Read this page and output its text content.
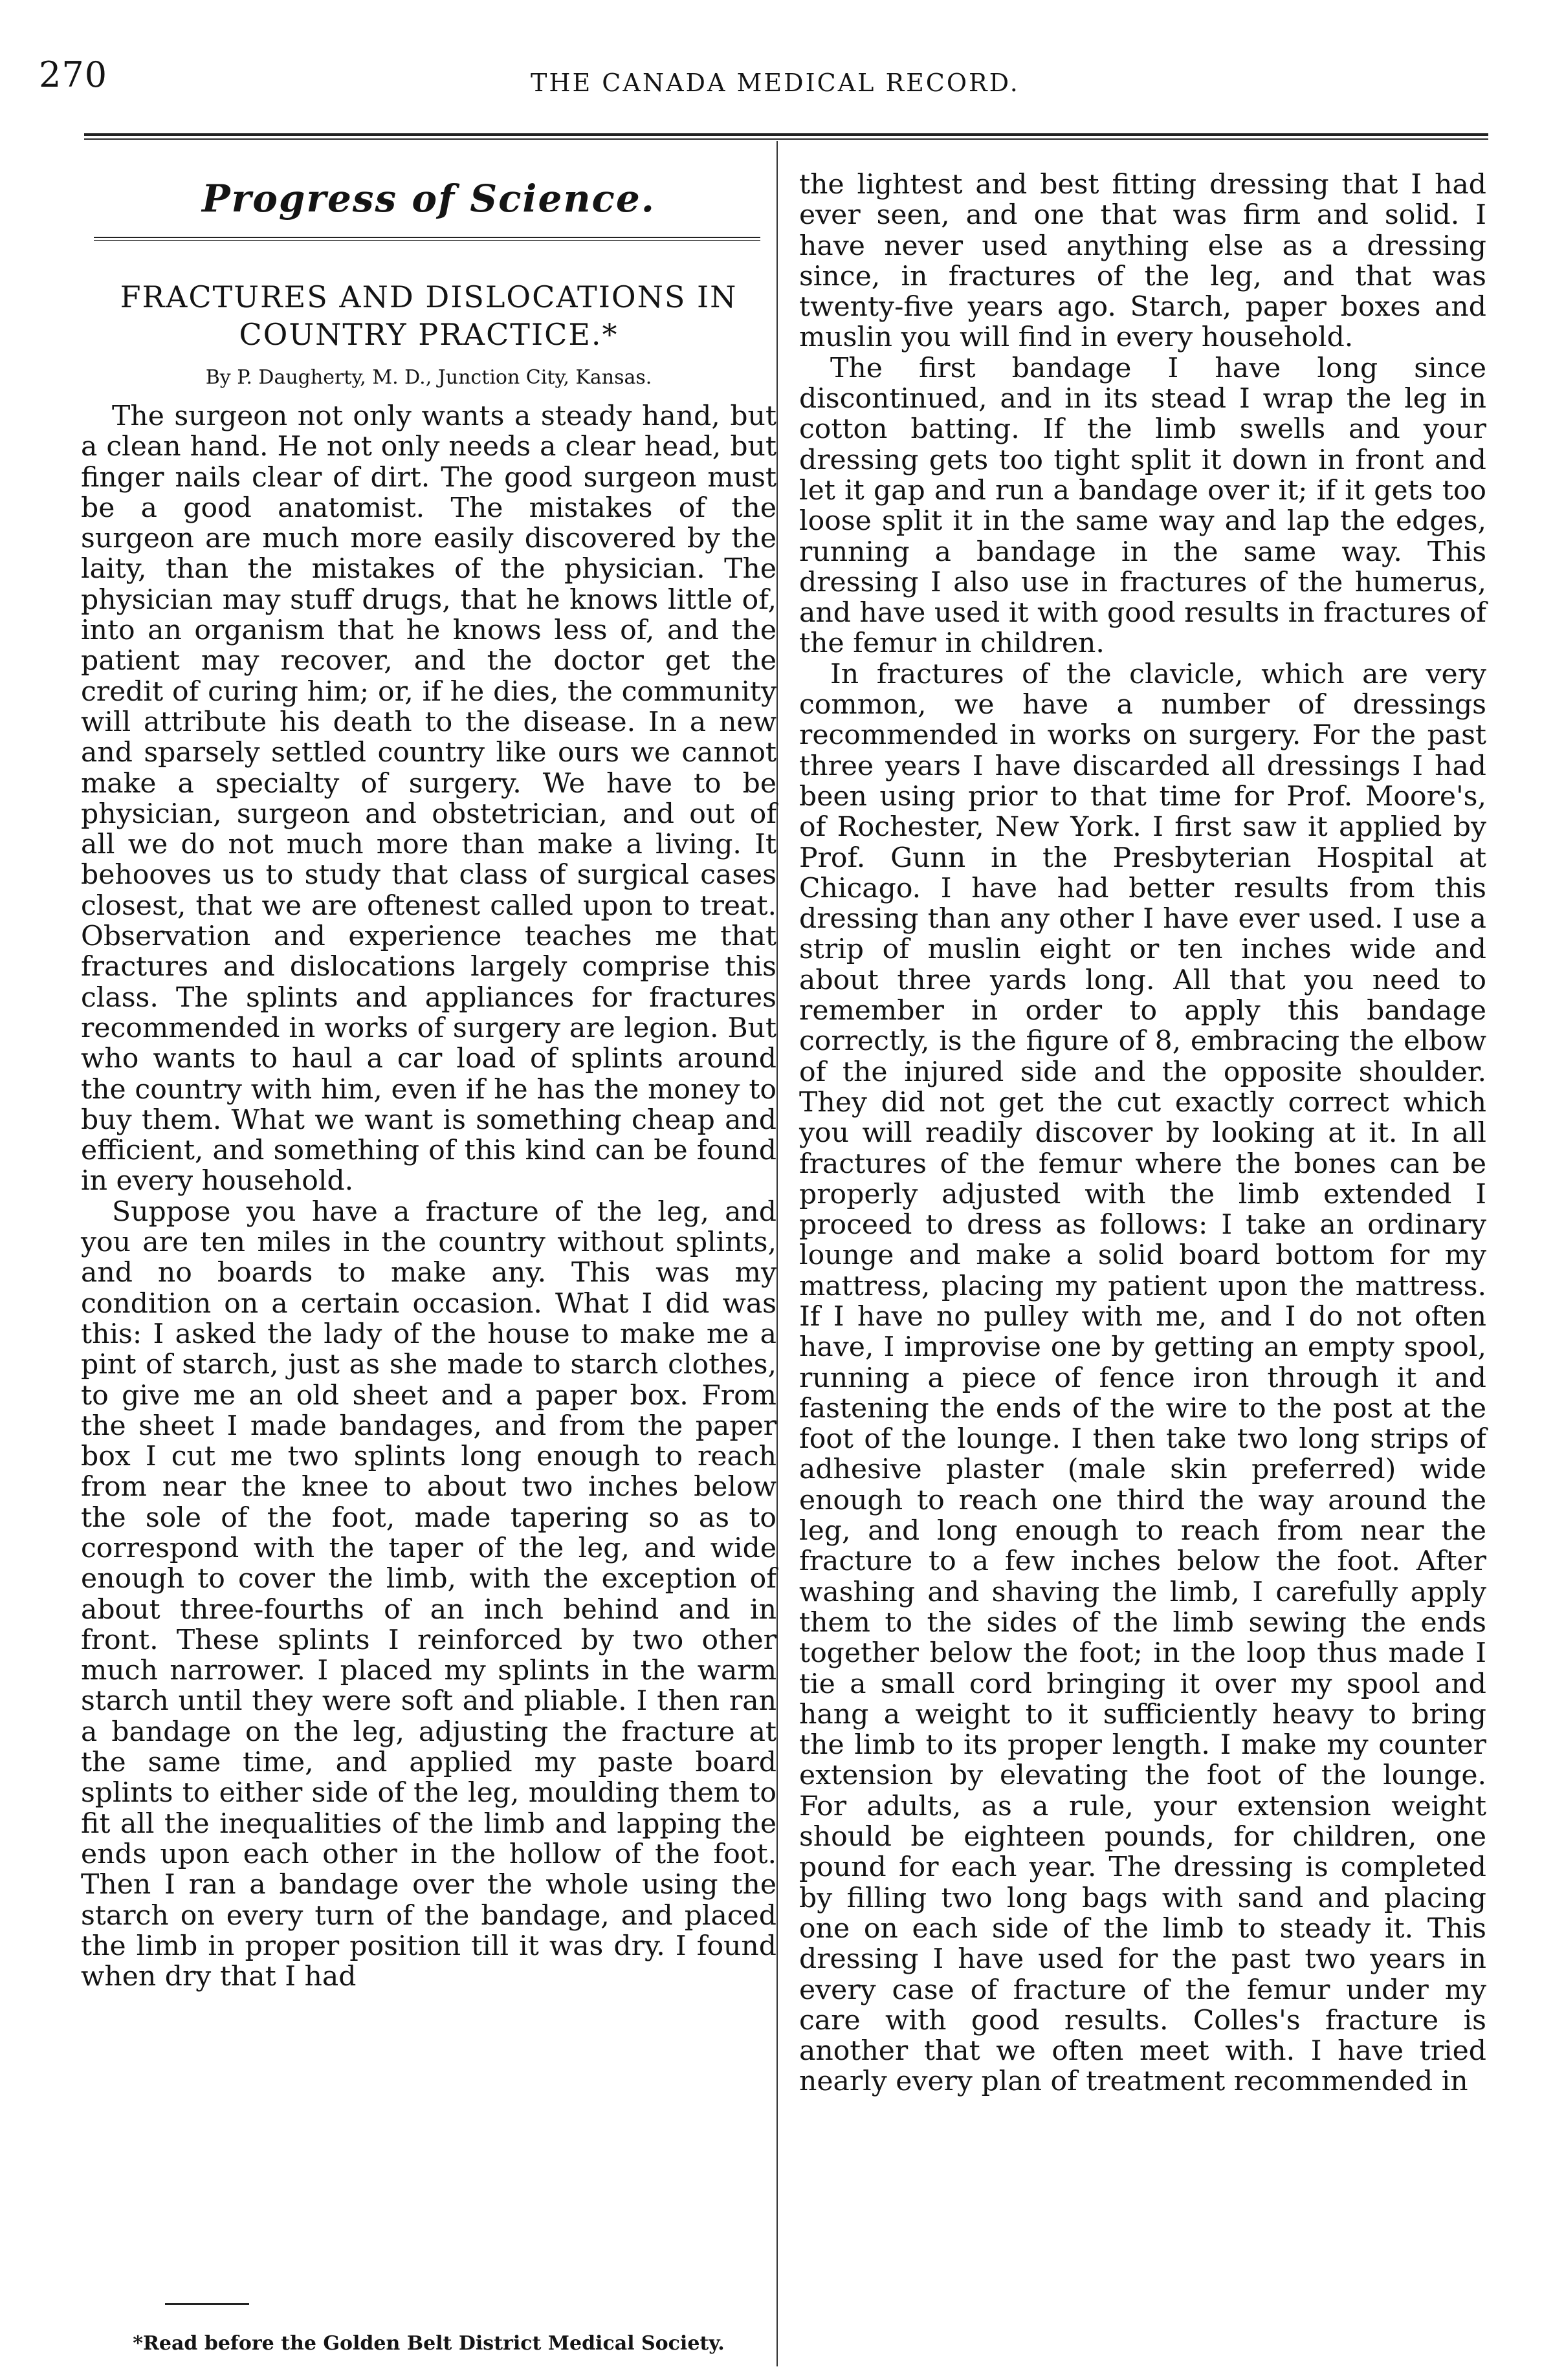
270	THE CANADA MEDICAL RECORD.
Progress of Science.
FRACTURES AND DISLOCATIONS IN
COUNTRY PRACTICE.*
By P. Daugherty, M. D., Junction City, Kansas.

The surgeon not only wants a steady hand, but a clean hand. He not only needs a clear head, but finger nails clear of dirt. The good surgeon must be a good anatomist. The mistakes of the surgeon are much more easily discovered by the laity, than the mistakes of the physician. The physician may stuff drugs, that he knows little of, into an organism that he knows less of, and the patient may recover, and the doctor get the credit of curing him; or, if he dies, the community will attribute his death to the disease. In a new and sparsely settled country like ours we cannot make a specialty of surgery. We have to be physician, surgeon and obstetrician, and out of all we do not much more than make a living. It behooves us to study that class of surgical cases closest, that we are oftenest called upon to treat. Observation and experience teaches me that fractures and dislocations largely comprise this class. The splints and appliances for fractures recommended in works of surgery are legion. But who wants to haul a car load of splints around the country with him, even if he has the money to buy them. What we want is something cheap and efficient, and something of this kind can be found in every household.

Suppose you have a fracture of the leg, and you are ten miles in the country without splints, and no boards to make any. This was my condition on a certain occasion. What I did was this: I asked the lady of the house to make me a pint of starch, just as she made to starch clothes, to give me an old sheet and a paper box. From the sheet I made bandages, and from the paper box I cut me two splints long enough to reach from near the knee to about two inches below the sole of the foot, made tapering so as to correspond with the taper of the leg, and wide enough to cover the limb, with the exception of about three-fourths of an inch behind and in front. These splints I reinforced by two other much narrower. I placed my splints in the warm starch until they were soft and pliable. I then ran a bandage on the leg, adjusting the fracture at the same time, and applied my paste board splints to either side of the leg, moulding them to fit all the inequalities of the limb and lapping the ends upon each other in the hollow of the foot. Then I ran a bandage over the whole using the starch on every turn of the bandage, and placed the limb in proper position till it was dry. I found when dry that I had

the lightest and best fitting dressing that I had ever seen, and one that was firm and solid. I have never used anything else as a dressing since, in fractures of the leg, and that was twenty-five years ago. Starch, paper boxes and muslin you will find in every household.

The first bandage I have long since discontinued, and in its stead I wrap the leg in cotton batting. If the limb swells and your dressing gets too tight split it down in front and let it gap and run a bandage over it; if it gets too loose split it in the same way and lap the edges, running a bandage in the same way. This dressing I also use in fractures of the humerus, and have used it with good results in fractures of the femur in children.

In fractures of the clavicle, which are very common, we have a number of dressings recommended in works on surgery. For the past three years I have discarded all dressings I had been using prior to that time for Prof. Moore's, of Rochester, New York. I first saw it applied by Prof. Gunn in the Presbyterian Hospital at Chicago. I have had better results from this dressing than any other I have ever used. I use a strip of muslin eight or ten inches wide and about three yards long. All that you need to remember in order to apply this bandage correctly, is the figure of 8, embracing the elbow of the injured side and the opposite shoulder. They did not get the cut exactly correct which you will readily discover by looking at it. In all fractures of the femur where the bones can be properly adjusted with the limb extended I proceed to dress as follows: I take an ordinary lounge and make a solid board bottom for my mattress, placing my patient upon the mattress. If I have no pulley with me, and I do not often have, I improvise one by getting an empty spool, running a piece of fence iron through it and fastening the ends of the wire to the post at the foot of the lounge. I then take two long strips of adhesive plaster (male skin preferred) wide enough to reach one third the way around the leg, and long enough to reach from near the fracture to a few inches below the foot. After washing and shaving the limb, I carefully apply them to the sides of the limb sewing the ends together below the foot; in the loop thus made I tie a small cord bringing it over my spool and hang a weight to it sufficiently heavy to bring the limb to its proper length. I make my counter extension by elevating the foot of the lounge. For adults, as a rule, your extension weight should be eighteen pounds, for children, one pound for each year. The dressing is completed by filling two long bags with sand and placing one on each side of the limb to steady it. This dressing I have used for the past two years in every case of fracture of the femur under my care with good results. Colles's fracture is another that we often meet with. I have tried nearly every plan of treatment recommended in

*Read before the Golden Belt District Medical Society.
